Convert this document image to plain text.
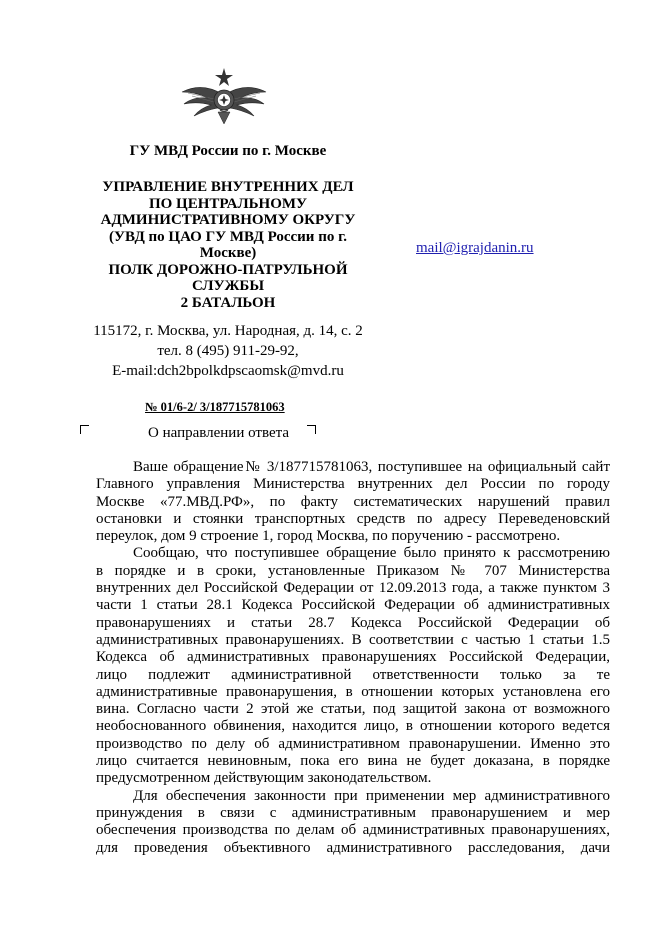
ГУ МВД России по г. Москве
УПРАВЛЕНИЕ ВНУТРЕННИХ ДЕЛ
ПО ЦЕНТРАЛЬНОМУ
АДМИНИСТРАТИВНОМУ ОКРУГУ
(УВД по ЦАО ГУ МВД России по г.
Москве)
ПОЛК ДОРОЖНО-ПАТРУЛЬНОЙ
СЛУЖБЫ
2 БАТАЛЬОН
115172, г. Москва, ул. Народная, д. 14, с. 2
тел. 8 (495) 911-29-92,
E-mail:dch2bpolkdpscaomsk@mvd.ru
mail@igrajdanin.ru
№ 01/6-2/ 3/187715781063
О направлении ответа

Ваше обращение№ 3/187715781063, поступившее на официальный сайт
Главного управления Министерства внутренних дел России по городу
Москве «77.МВД.РФ», по факту систематических нарушений правил
остановки и стоянки транспортных средств по адресу Переведеновский
переулок, дом 9 строение 1, город Москва, по поручению - рассмотрено.

Сообщаю, что поступившее обращение было принято к рассмотрению
в порядке и в сроки, установленные Приказом № 707 Министерства
внутренних дел Российской Федерации от 12.09.2013 года, а также пунктом 3
части 1 статьи 28.1 Кодекса Российской Федерации об административных
правонарушениях и статьи 28.7 Кодекса Российской Федерации об
административных правонарушениях. В соответствии с частью 1 статьи 1.5
Кодекса об административных правонарушениях Российской Федерации,
лицо подлежит административной ответственности только за те
административные правонарушения, в отношении которых установлена его
вина. Согласно части 2 этой же статьи, под защитой закона от возможного
необоснованного обвинения, находится лицо, в отношении которого ведется
производство по делу об административном правонарушении. Именно это
лицо считается невиновным, пока его вина не будет доказана, в порядке
предусмотренном действующим законодательством.

Для обеспечения законности при применении мер административного
принуждения в связи с административным правонарушением и мер
обеспечения производства по делам об административных правонарушениях,
для проведения объективного административного расследования, дачи
